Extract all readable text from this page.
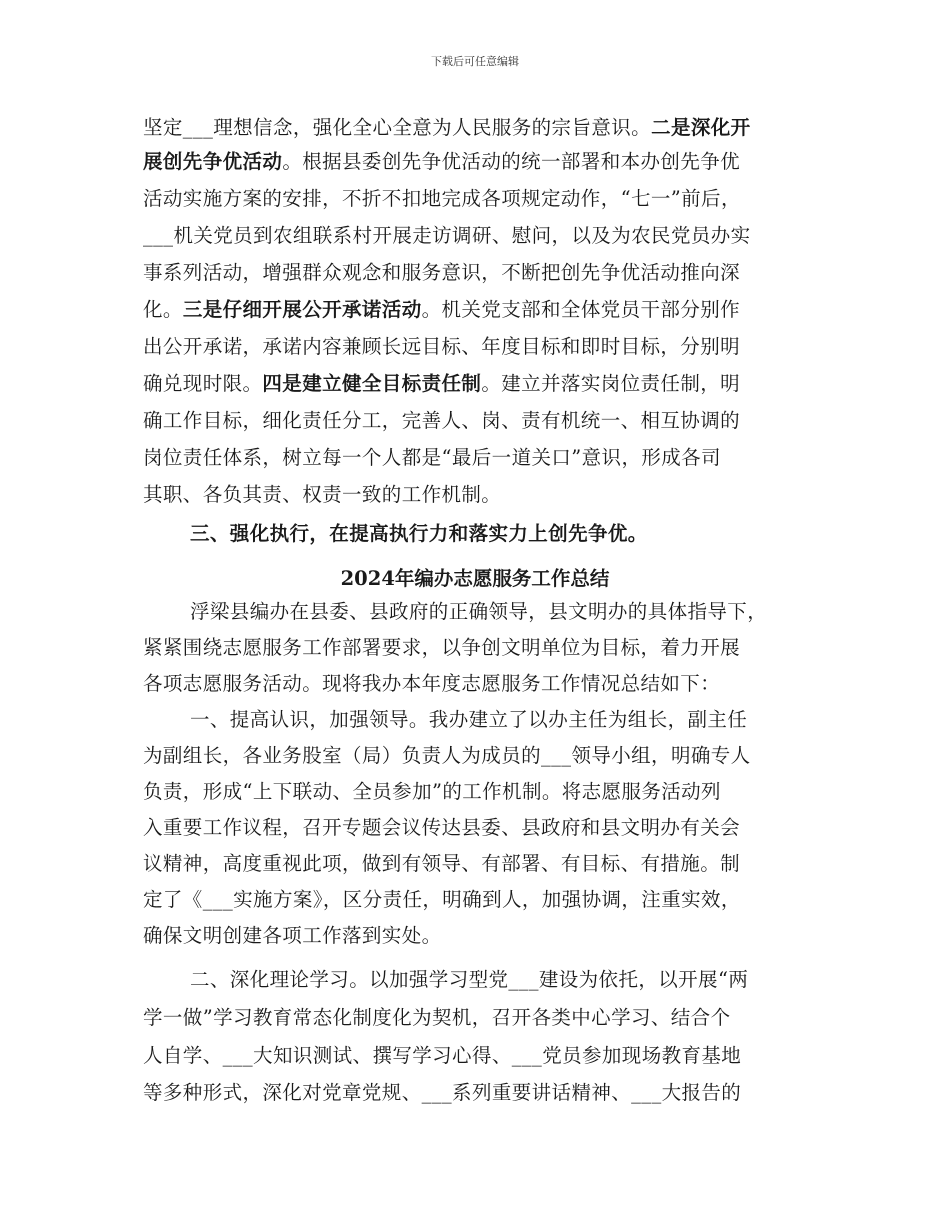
下载后可任意编辑
坚定___理想信念，强化全心全意为人民服务的宗旨意识。二是深化开
展创先争优活动。根据县委创先争优活动的统一部署和本办创先争优
活动实施方案的安排，不折不扣地完成各项规定动作，“七一”前后，
___机关党员到农组联系村开展走访调研、慰问，以及为农民党员办实
事系列活动，增强群众观念和服务意识，不断把创先争优活动推向深
化。三是仔细开展公开承诺活动。机关党支部和全体党员干部分别作
出公开承诺，承诺内容兼顾长远目标、年度目标和即时目标，分别明
确兑现时限。四是建立健全目标责任制。建立并落实岗位责任制，明
确工作目标，细化责任分工，完善人、岗、责有机统一、相互协调的
岗位责任体系，树立每一个人都是“最后一道关口”意识，形成各司
其职、各负其责、权责一致的工作机制。
三、强化执行，在提高执行力和落实力上创先争优。
2024年编办志愿服务工作总结
浮梁县编办在县委、县政府的正确领导，县文明办的具体指导下，
紧紧围绕志愿服务工作部署要求，以争创文明单位为目标，着力开展
各项志愿服务活动。现将我办本年度志愿服务工作情况总结如下：
一、提高认识，加强领导。我办建立了以办主任为组长，副主任
为副组长，各业务股室（局）负责人为成员的___领导小组，明确专人
负责，形成“上下联动、全员参加”的工作机制。将志愿服务活动列
入重要工作议程，召开专题会议传达县委、县政府和县文明办有关会
议精神，高度重视此项，做到有领导、有部署、有目标、有措施。制
定了《___实施方案》，区分责任，明确到人，加强协调，注重实效，
确保文明创建各项工作落到实处。
二、深化理论学习。以加强学习型党___建设为依托，以开展“两
学一做”学习教育常态化制度化为契机，召开各类中心学习、结合个
人自学、___大知识测试、撰写学习心得、___党员参加现场教育基地
等多种形式，深化对党章党规、___系列重要讲话精神、___大报告的
